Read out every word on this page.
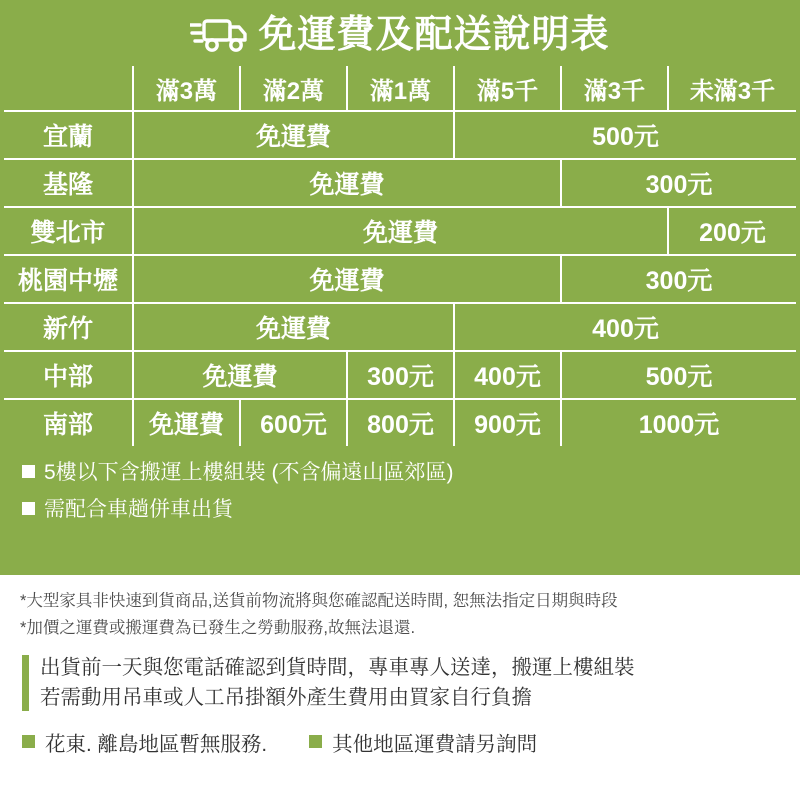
免運費及配送說明表
	滿3萬	滿2萬	滿1萬	滿5千	滿3千	未滿3千
宜蘭	免運費			500元		
基隆	免運費				300元	
雙北市	免運費					200元
桃園中壢	免運費				300元	
新竹	免運費			400元		
中部	免運費		300元	400元	500元	
南部	免運費	600元	800元	900元	1000元	
5樓以下含搬運上樓組裝 (不含偏遠山區郊區)
需配合車趟併車出貨

*大型家具非快速到貨商品,送貨前物流將與您確認配送時間, 恕無法指定日期與時段

*加價之運費或搬運費為已發生之勞動服務,故無法退還.

出貨前一天與您電話確認到貨時間，專車專人送達，搬運上樓組裝
若需動用吊車或人工吊掛額外產生費用由買家自行負擔
花東. 離島地區暫無服務.	其他地區運費請另詢問
